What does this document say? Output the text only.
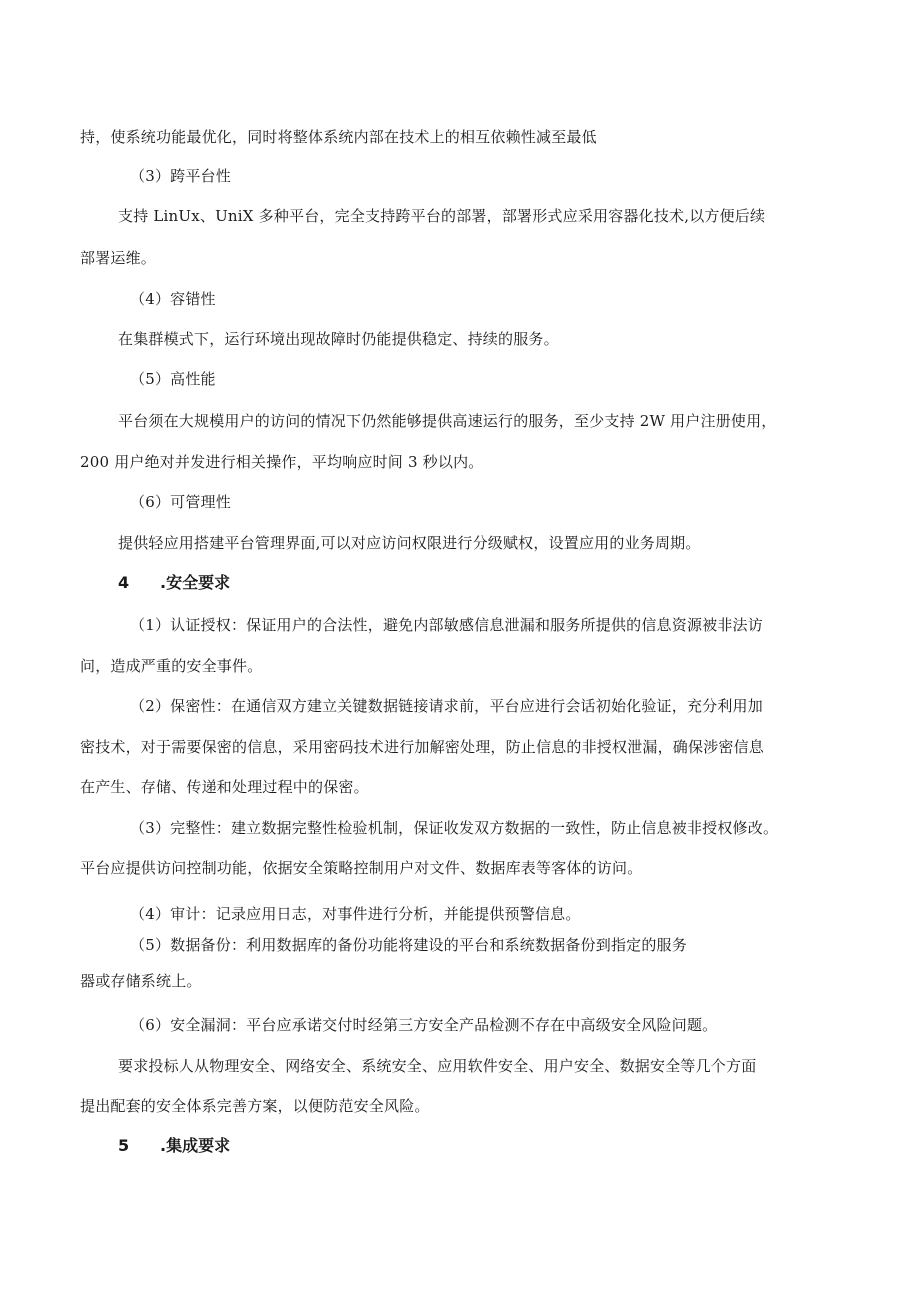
持，使系统功能最优化，同时将整体系统内部在技术上的相互依赖性减至最低
（3）跨平台性
支持 LinUx、UniX 多种平台，完全支持跨平台的部署，部署形式应采用容器化技术,以方便后续
部署运维。
（4）容错性
在集群模式下，运行环境出现故障时仍能提供稳定、持续的服务。
（5）高性能
平台须在大规模用户的访问的情况下仍然能够提供高速运行的服务，至少支持 2W 用户注册使用，
200 用户绝对并发进行相关操作，平均响应时间 3 秒以内。
（6）可管理性
提供轻应用搭建平台管理界面,可以对应访问权限进行分级赋权，设置应用的业务周期。
4 .安全要求
（1）认证授权：保证用户的合法性，避免内部敏感信息泄漏和服务所提供的信息资源被非法访
问，造成严重的安全事件。
（2）保密性：在通信双方建立关键数据链接请求前，平台应进行会话初始化验证，充分利用加
密技术，对于需要保密的信息，采用密码技术进行加解密处理，防止信息的非授权泄漏，确保涉密信息
在产生、存储、传递和处理过程中的保密。
（3）完整性：建立数据完整性检验机制，保证收发双方数据的一致性，防止信息被非授权修改。
平台应提供访问控制功能，依据安全策略控制用户对文件、数据库表等客体的访问。
（4）审计：记录应用日志，对事件进行分析，并能提供预警信息。
（5）数据备份：利用数据库的备份功能将建设的平台和系统数据备份到指定的服务
器或存储系统上。
（6）安全漏洞：平台应承诺交付时经第三方安全产品检测不存在中高级安全风险问题。
要求投标人从物理安全、网络安全、系统安全、应用软件安全、用户安全、数据安全等几个方面
提出配套的安全体系完善方案，以便防范安全风险。
5 .集成要求
